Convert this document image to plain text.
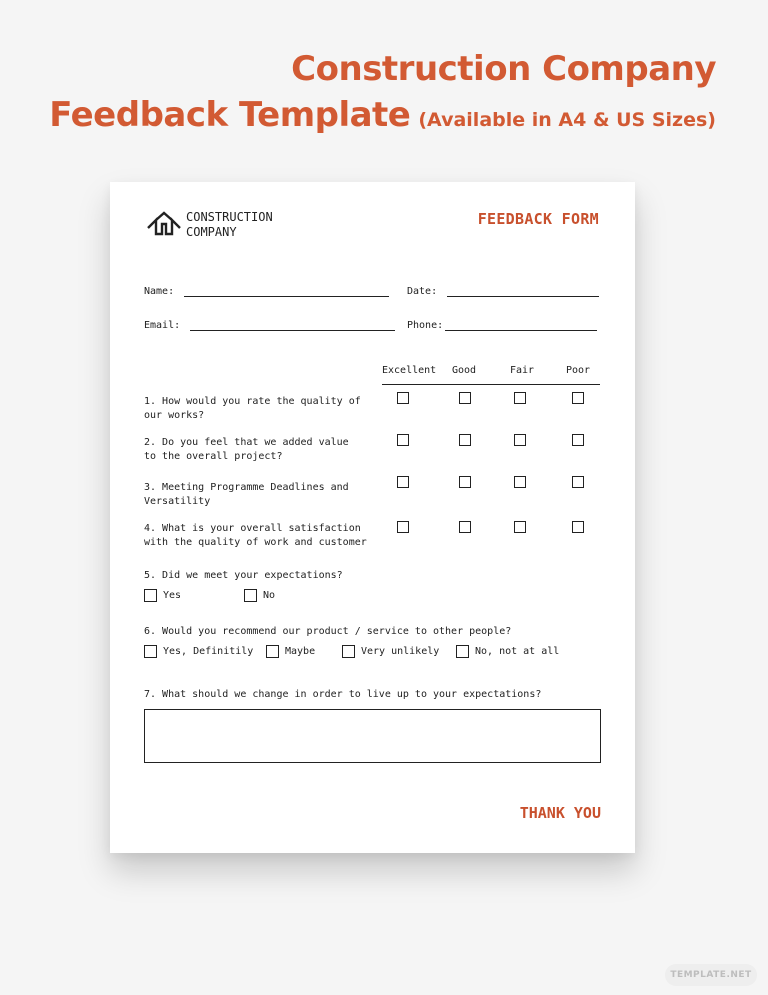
Construction Company
Feedback Template (Available in A4 & US Sizes)
CONSTRUCTION
COMPANY
FEEDBACK FORM
Name:	Date:
Email:	Phone:
Excellent Good	Fair	Poor
1. How would you rate the quality of
our works?
2. Do you feel that we added value
to the overall project?
3. Meeting Programme Deadlines and
Versatility
4. What is your overall satisfaction
with the quality of work and customer
5. Did we meet your expectations?
Yes	No
6. Would you recommend our product / service to other people?
Yes, Definitily	Maybe	Very unlikely	No, not at all
7. What should we change in order to live up to your expectations?
THANK YOU
TEMPLATE.NET
